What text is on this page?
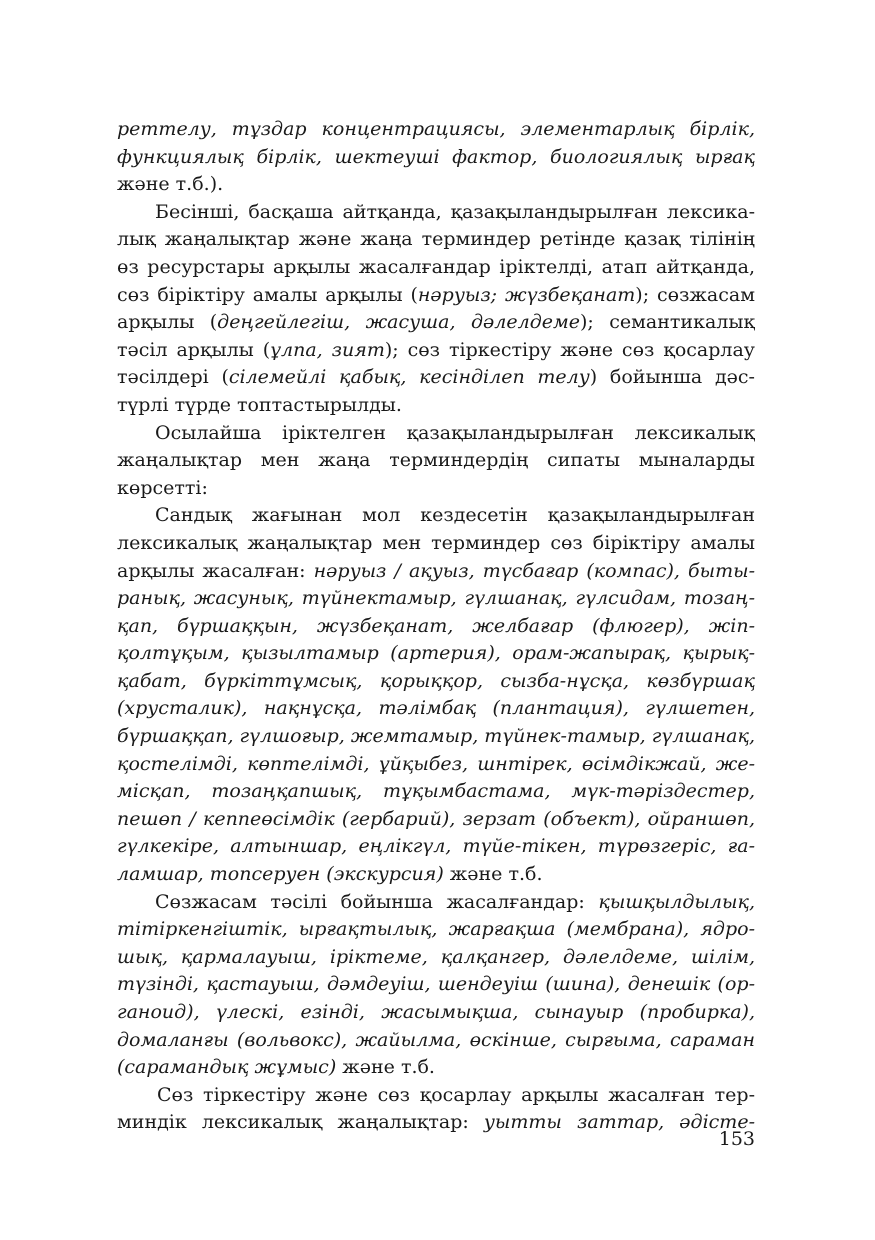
реттелу, тұздар концентрациясы, элементарлық бірлік,
функциялық бірлік, шектеуші фактор, биологиялық ырғақ
және т.б.).
Бесінші, басқаша айтқанда, қазақыландырылған лексика-
лық жаңалықтар және жаңа терминдер ретінде қазақ тілінің
өз ресурстары арқылы жасалғандар іріктелді, атап айтқанда,
сөз біріктіру амалы арқылы (нәруыз; жүзбеқанат); сөзжасам
арқылы (деңгейлегіш, жасуша, дәлелдеме); семантикалық
тәсіл арқылы (ұлпа, зият); сөз тіркестіру және сөз қосарлау
тәсілдері (сілемейлі қабық, кесінділеп телу) бойынша дәс-
түрлі түрде топтастырылды.
Осылайша іріктелген қазақыландырылған лексикалық
жаңалықтар мен жаңа терминдердің сипаты мыналарды
көрсетті:
Сандық жағынан мол кездесетін қазақыландырылған
лексикалық жаңалықтар мен терминдер сөз біріктіру амалы
арқылы жасалған: нәруыз / ақуыз, түсбағар (компас), быты-
ранық, жасунық, түйнектамыр, гүлшанақ, гүлсидам, тозаң-
қап, бүршаққын, жүзбеқанат, желбағар (флюгер), жіп-
қолтұқым, қызылтамыр (артерия), орам-жапырақ, қырық-
қабат, бүркіттұмсық, қорыққор, сызба-нұсқа, көзбүршақ
(хрусталик), нақнұсқа, тәлімбақ (плантация), гүлшетен,
бүршаққап, гүлшоғыр, жемтамыр, түйнек-тамыр, гүлшанақ,
қостелімді, көптелімді, ұйқыбез, шнтірек, өсімдікжай, же-
місқап, тозаңқапшық, тұқымбастама, мүк-тәріздестер,
пешөп / кеппеөсімдік (гербарий), зерзат (объект), ойраншөп,
гүлкекіре, алтыншар, еңлікгүл, түйе-тікен, түрөзгеріс, ға-
ламшар, топсеруен (экскурсия) және т.б.
Сөзжасам тәсілі бойынша жасалғандар: қышқылдылық,
тітіркенгіштік, ырғақтылық, жарғақша (мембрана), ядро-
шық, қармалауыш, іріктеме, қалқангер, дәлелдеме, шілім,
түзінді, қастауыш, дәмдеуіш, шендеуіш (шина), денешік (ор-
ганоид), үлескі, езінді, жасымықша, сынауыр (пробирка),
домаланғы (вольвокс), жайылма, өскінше, сырғыма, сараман
(сарамандық жұмыс) және т.б.
Сөз тіркестіру және сөз қосарлау арқылы жасалған тер-
миндік лексикалық жаңалықтар: уытты заттар, әдісте-
153
